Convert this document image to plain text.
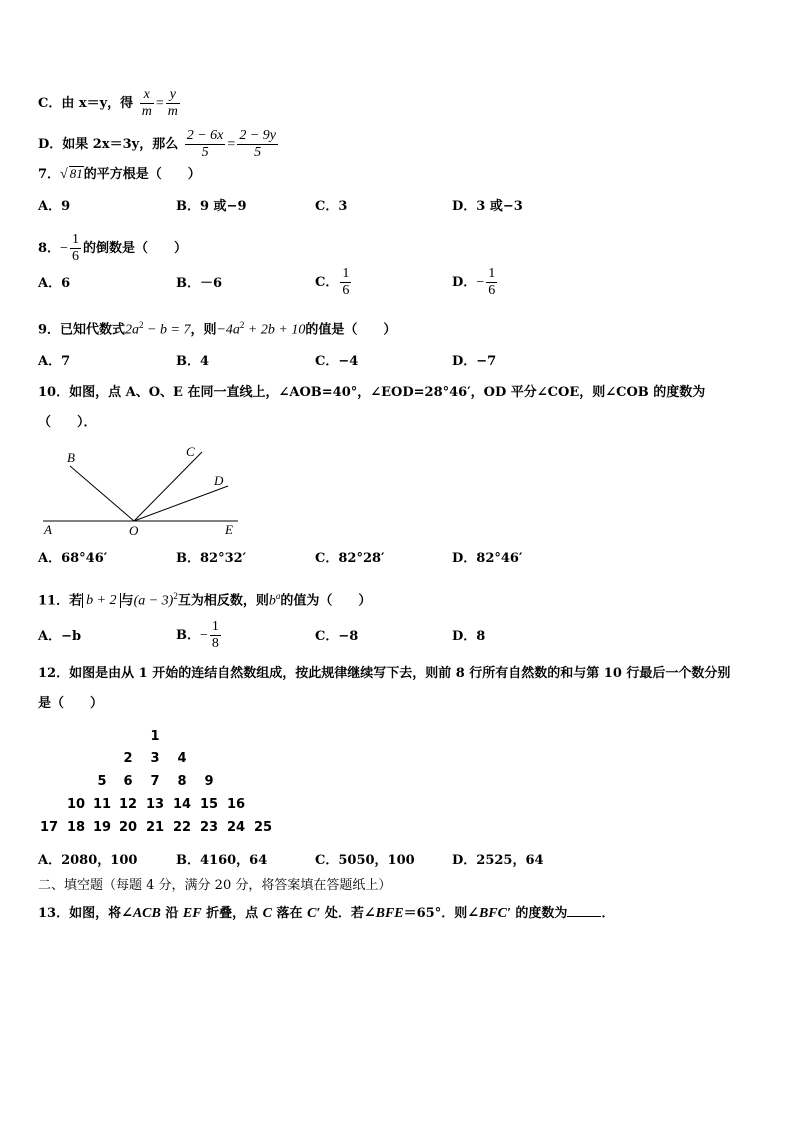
C．由 x＝y，得 $\frac{x}{m} = \frac{y}{m}$
D．如果 2x＝3y，那么 $\frac{2 - 6x}{5} = \frac{2 - 9y}{5}$
7．√ 81的平方根是（　　）
A．9	B．9 或−9	C．3	D．3 或−3
8．− $\frac{1}{6}$ 的倒数是（　　）
A．6	B．－6	C． $\frac{1}{6}$	D．− $\frac{1}{6}$
9．已知代数式$2a^2 - b = 7$，则$-4a^2 + 2b + 10$的值是（　　）
A．7	B．4	C．−4	D．−7
10．如图，点 A、O、E 在同一直线上，∠AOB=40°，∠EOD=28°46′，OD 平分∠COE，则∠COB 的度数为
（　　）．
B	C
D
A	O	E
A．68°46′	B．82°32′	C．82°28′	D．82°46′
11．若 b + 2 与$(a - 3)^2$互为相反数，则$b^a$的值为（　　）
A．−b	B．− $\frac{1}{8}$	C．−8	D．8
12．如图是由从 1 开始的连结自然数组成，按此规律继续写下去，则前 8 行所有自然数的和与第 10 行最后一个数分别
是（　　）
1
2	3	4
5	6	7	8	9
10 11 12 13 14 15 16
17 18 19 20 21 22 23 24 25
A．2080，100	B．4160，64	C．5050，100	D．2525，64
二、填空题（每题 4 分，满分 20 分，将答案填在答题纸上）
13．如图，将∠ACB 沿 EF 折叠，点 C 落在 C′ 处．若∠BFE＝65°．则∠BFC′ 的度数为	．
